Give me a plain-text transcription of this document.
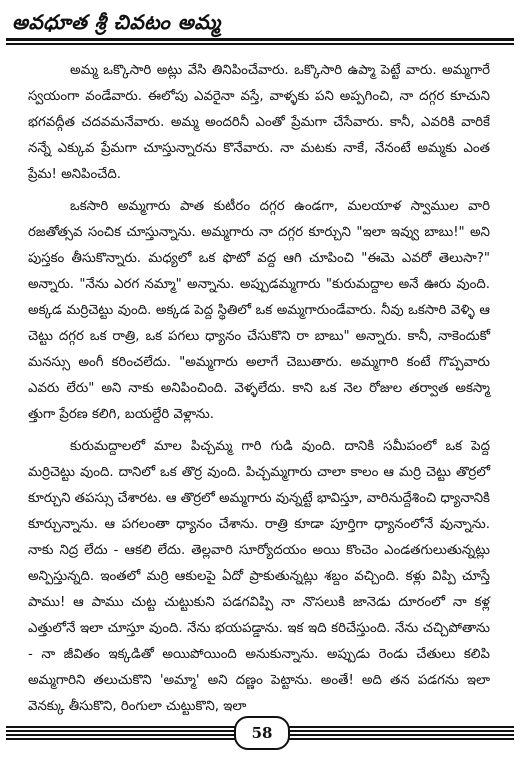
అవధూత శ్రీ చివటం అమ్మ

అమ్మ ఒక్కొసారి అట్లు వేసి తినిపించేవారు. ఒక్కొసారి ఉప్మా పెట్టే వారు. అమ్మగారే స్వయంగా వండేవారు. ఈలోపు ఎవరైనా వస్తే, వాళ్ళకు పని అప్పగించి, నా దగ్గర కూచుని భగవద్గీత చదవమనేవారు. అమ్మ అందరినీ ఎంతో ప్రేమగా చేసేవారు. కానీ, ఎవరికి వారికే నన్నే ఎక్కువ ప్రేమగా చూస్తున్నారను కొనేవారు. నా మటకు నాకే, నేనంటే అమ్మకు ఎంత ప్రేమ! అనిపించేది.

ఒకసారి అమ్మగారు పాత కుటీరం దగ్గర ఉండగా, మలయాళ స్వాముల వారి రజతోత్సవ సంచిక చూస్తున్నాను. అమ్మగారు నా దగ్గర కూర్చుని "ఇలా ఇవ్వు బాబు!" అని పుస్తకం తీసుకొన్నారు. మధ్యలో ఒక ఫొటో వద్ద ఆగి చూపించి "ఈమె ఎవరో తెలుసా?" అన్నారు. "నేను ఎరగ నమ్మా" అన్నాను. అప్పుడమ్మగారు "కురుమద్దాల అనే ఊరు వుంది. అక్కడ మర్రిచెట్టు వుంది. అక్కడ పెద్ద స్థితిలో ఒక అమ్మగారుండేవారు. నీవు ఒకసారి వెళ్ళి ఆ చెట్టు దగ్గర ఒక రాత్రి, ఒక పగలు ధ్యానం చేసుకొని రా బాబు" అన్నారు. కానీ, నాకెందుకో మనస్సు అంగీ కరించలేదు. "అమ్మగారు అలాగే చెబుతారు. అమ్మగారి కంటే గొప్పవారు ఎవరు లేరు" అని నాకు అనిపించింది. వెళ్ళలేదు. కాని ఒక నెల రోజుల తర్వాత అకస్మా త్తుగా ప్రేరణ కలిగి, బయల్దేరి వెళ్లాను.

కురుమద్దాలలో మాల పిచ్చమ్మ గారి గుడి వుంది. దానికి సమీపంలో ఒక పెద్ద మర్రిచెట్టు వుంది. దానిలో ఒక తొర్ర వుంది. పిచ్చమ్మగారు చాలా కాలం ఆ మర్రి చెట్టు తొర్రలో కూర్చుని తపస్సు చేశారట. ఆ తొర్రలో అమ్మగారు వున్నట్టే భావిస్తూ, వారినుద్దేశించి ధ్యానానికి కూర్చున్నాను. ఆ పగలంతా ధ్యానం చేశాను. రాత్రి కూడా పూర్తిగా ధ్యానంలోనే వున్నాను. నాకు నిద్ర లేదు - ఆకలి లేదు. తెల్లవారి సూర్యోదయం అయి కొంచెం ఎండతగులుతున్నట్లు అన్పిస్తున్నది. ఇంతలో మర్రి ఆకులపై ఏదో ప్రాకుతున్నట్లు శబ్దం వచ్చింది. కళ్లు విప్పి చూస్తే పాము! ఆ పాము చుట్ట చుట్టుకుని పడగవిప్పి నా నొసలుకి జానెడు దూరంలో నా కళ్ల ఎత్తులోనే ఇలా చూస్తూ వుంది. నేను భయపడ్డాను. ఇక ఇది కరిచేస్తుంది. నేను చచ్చిపోతాను - నా జీవితం ఇక్కడితో అయిపోయింది అనుకున్నాను. అప్పుడు రెండు చేతులు కలిపి అమ్మగారిని తలుచుకొని 'అమ్మా' అని దణ్ణం పెట్టాను. అంతే! అది తన పడగను ఇలా వెనక్కు తీసుకొని, రింగులా చుట్టుకొని, ఇలా

58
